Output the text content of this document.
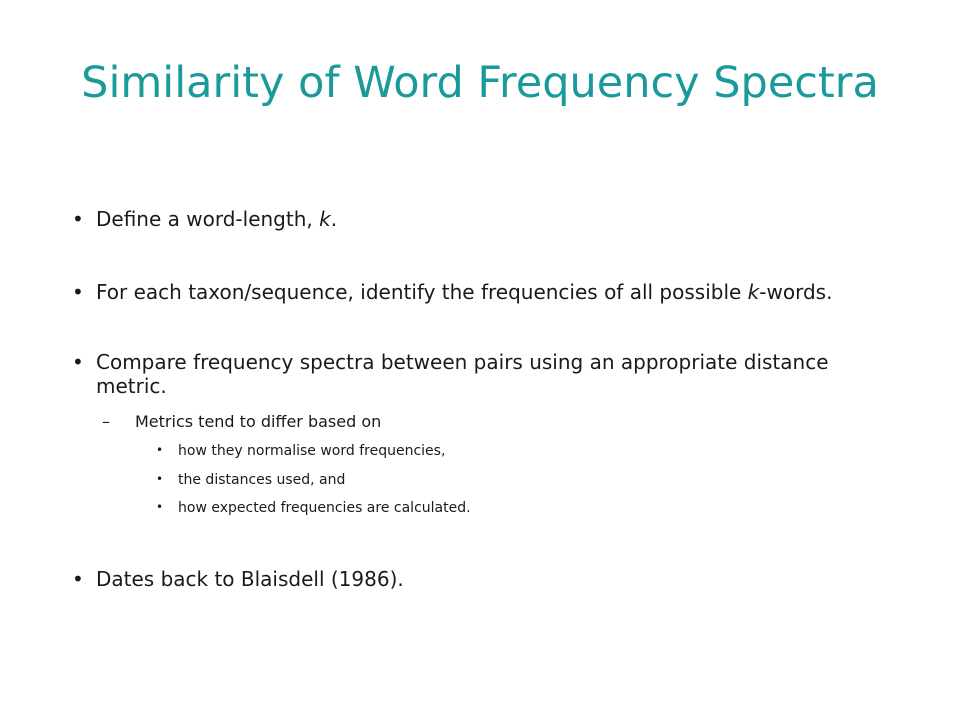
Similarity of Word Frequency Spectra
• Define a word-length, k.
• For each taxon/sequence, identify the frequencies of all possible k-words.
• Compare frequency spectra between pairs using an appropriate distance metric.
– Metrics tend to differ based on
• how they normalise word frequencies,
• the distances used, and
• how expected frequencies are calculated.
• Dates back to Blaisdell (1986).
